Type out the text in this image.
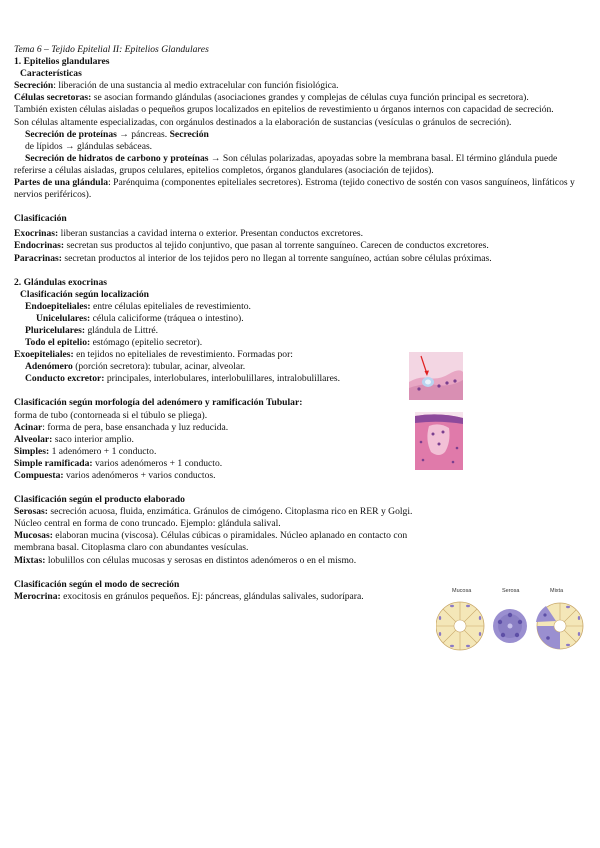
Tema 6 – Tejido Epitelial II: Epitelios Glandulares

1. Epitelios glandulares

Características

Secreción: liberación de una sustancia al medio extracelular con función fisiológica.

Células secretoras: se asocian formando glándulas (asociaciones grandes y complejas de células cuya función principal es secretora).

También existen células aisladas o pequeños grupos localizados en epitelios de revestimiento u órganos internos con capacidad de secreción.

Son células altamente especializadas, con orgánulos destinados a la elaboración de sustancias (vesículas o gránulos de secreción).

Secreción de proteínas → páncreas. Secreción

de lípidos → glándulas sebáceas.

Secreción de hidratos de carbono y proteínas → Son células polarizadas, apoyadas sobre la membrana basal. El término glándula puede referirse a células aisladas, grupos celulares, epitelios completos, órganos glandulares (asociación de tejidos).

Partes de una glándula: Parénquima (componentes epiteliales secretores). Estroma (tejido conectivo de sostén con vasos sanguíneos, linfáticos y nervios periféricos).

Clasificación

Exocrinas: liberan sustancias a cavidad interna o exterior. Presentan conductos excretores.

Endocrinas: secretan sus productos al tejido conjuntivo, que pasan al torrente sanguíneo. Carecen de conductos excretores.

Paracrinas: secretan productos al interior de los tejidos pero no llegan al torrente sanguíneo, actúan sobre células próximas.

2. Glándulas exocrinas

Clasificación según localización

Endoepiteliales: entre células epiteliales de revestimiento.

Unicelulares: célula caliciforme (tráquea o intestino).

Pluricelulares: glándula de Littré.

Todo el epitelio: estómago (epitelio secretor).

Exoepiteliales: en tejidos no epiteliales de revestimiento. Formadas por:

Adenómero (porción secretora): tubular, acinar, alveolar.

Conducto excretor: principales, interlobulares, interlobulillares, intralobulillares.

Clasificación según morfología del adenómero y ramificación Tubular:

forma de tubo (contorneada si el túbulo se pliega).

Acinar: forma de pera, base ensanchada y luz reducida.

Alveolar: saco interior amplio.

Simples: 1 adenómero + 1 conducto.

Simple ramificada: varios adenómeros + 1 conducto.

Compuesta: varios adenómeros + varios conductos.

Clasificación según el producto elaborado

Serosas: secreción acuosa, fluida, enzimática. Gránulos de cimógeno. Citoplasma rico en RER y Golgi. Núcleo central en forma de cono truncado. Ejemplo: glándula salival.

Mucosas: elaboran mucina (viscosa). Células cúbicas o piramidales. Núcleo aplanado en contacto con membrana basal. Citoplasma claro con abundantes vesículas.

Mixtas: lobulillos con células mucosas y serosas en distintos adenómeros o en el mismo.

Clasificación según el modo de secreción

Merocrina: exocitosis en gránulos pequeños. Ej: páncreas, glándulas salivales, sudorípara.	Mucosa	Serosa	Mixta
